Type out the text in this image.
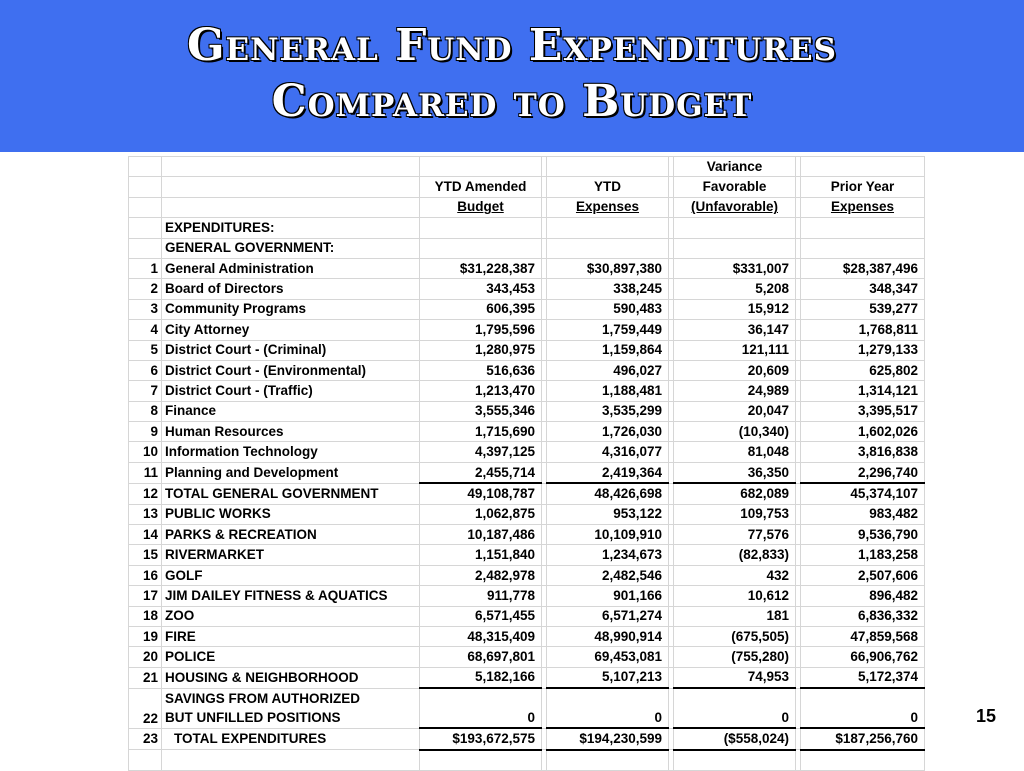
General Fund Expenditures
Compared to Budget
						Variance		
		YTD Amended		YTD		Favorable		Prior Year
		Budget		Expenses		(Unfavorable)		Expenses
	EXPENDITURES:							
	GENERAL GOVERNMENT:							
1	General Administration	$31,228,387		$30,897,380		$331,007		$28,387,496
2	Board of Directors	343,453		338,245		5,208		348,347
3	Community Programs	606,395		590,483		15,912		539,277
4	City Attorney	1,795,596		1,759,449		36,147		1,768,811
5	District Court - (Criminal)	1,280,975		1,159,864		121,111		1,279,133
6	District Court - (Environmental)	516,636		496,027		20,609		625,802
7	District Court - (Traffic)	1,213,470		1,188,481		24,989		1,314,121
8	Finance	3,555,346		3,535,299		20,047		3,395,517
9	Human Resources	1,715,690		1,726,030		(10,340)		1,602,026
10	Information Technology	4,397,125		4,316,077		81,048		3,816,838
11	Planning and Development	2,455,714		2,419,364		36,350		2,296,740
12	TOTAL GENERAL GOVERNMENT	49,108,787		48,426,698		682,089		45,374,107
13	PUBLIC WORKS	1,062,875		953,122		109,753		983,482
14	PARKS & RECREATION	10,187,486		10,109,910		77,576		9,536,790
15	RIVERMARKET	1,151,840		1,234,673		(82,833)		1,183,258
16	GOLF	2,482,978		2,482,546		432		2,507,606
17	JIM DAILEY FITNESS & AQUATICS	911,778		901,166		10,612		896,482
18	ZOO	6,571,455		6,571,274		181		6,836,332
19	FIRE	48,315,409		48,990,914		(675,505)		47,859,568
20	POLICE	68,697,801		69,453,081		(755,280)		66,906,762
21	HOUSING & NEIGHBORHOOD	5,182,166		5,107,213		74,953		5,172,374
22	SAVINGS FROM AUTHORIZED
BUT UNFILLED POSITIONS	0		0		0		0
23	TOTAL EXPENDITURES	$193,672,575		$194,230,599		($558,024)		$187,256,760

15
